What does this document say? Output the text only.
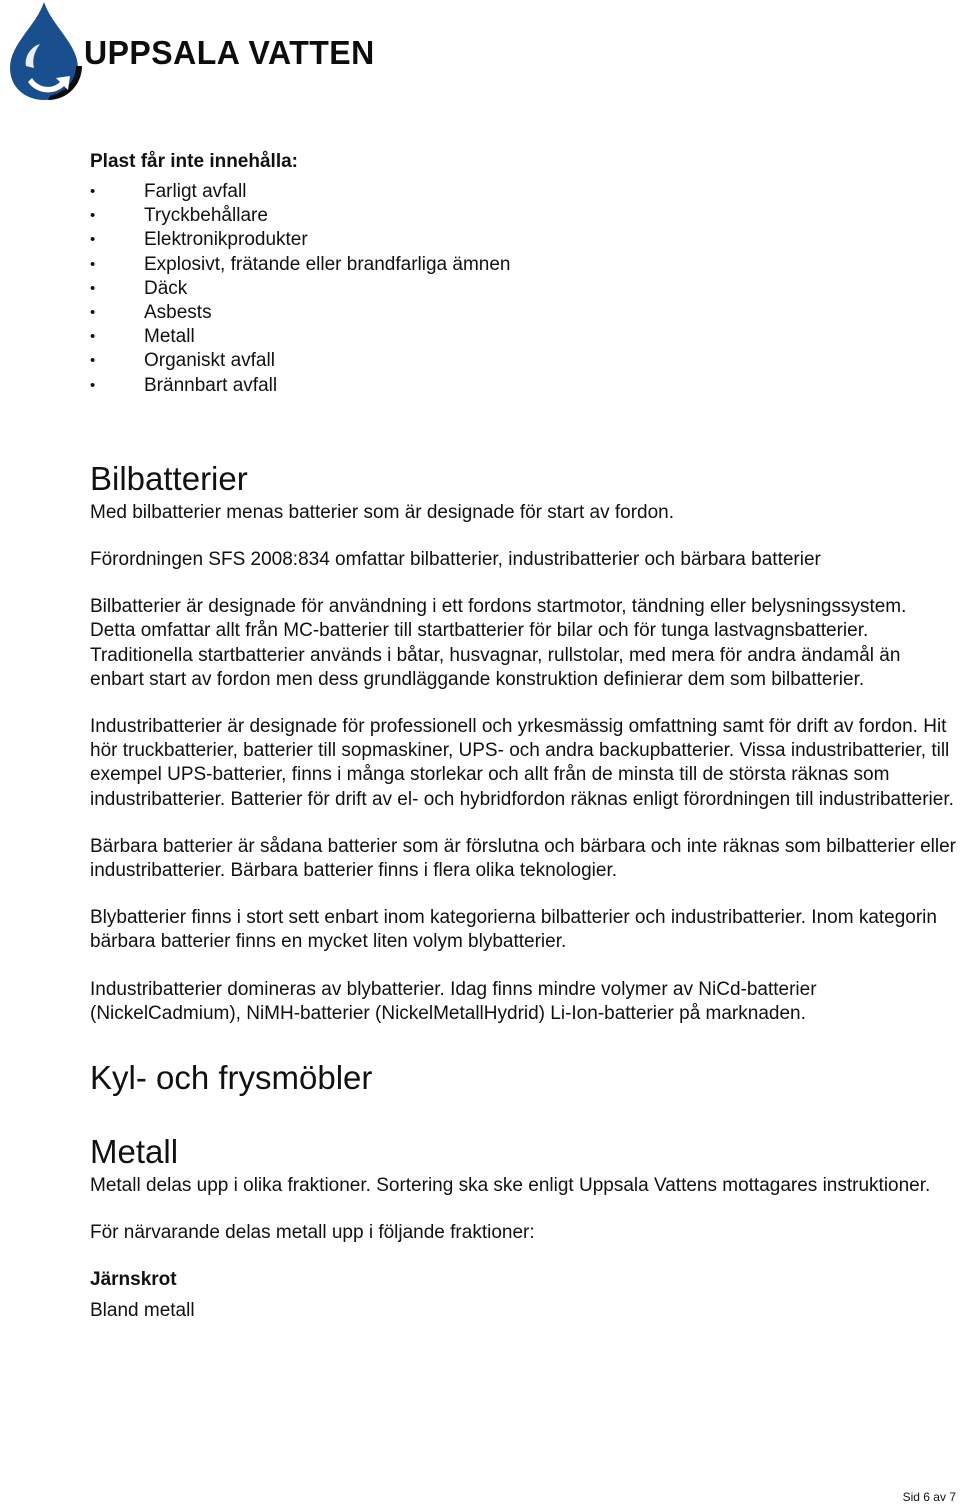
UPPSALA VATTEN
Plast får inte innehålla:
• Farligt avfall
• Tryckbehållare
• Elektronikprodukter
• Explosivt, frätande eller brandfarliga ämnen
• Däck
• Asbests
• Metall
• Organiskt avfall
• Brännbart avfall
Bilbatterier

Med bilbatterier menas batterier som är designade för start av fordon.

Förordningen SFS 2008:834 omfattar bilbatterier, industribatterier och bärbara batterier

Bilbatterier är designade för användning i ett fordons startmotor, tändning eller belysningssystem. Detta omfattar allt från MC-batterier till startbatterier för bilar och för tunga lastvagnsbatterier. Traditionella startbatterier används i båtar, husvagnar, rullstolar, med mera för andra ändamål än enbart start av fordon men dess grundläggande konstruktion definierar dem som bilbatterier.

Industribatterier är designade för professionell och yrkesmässig omfattning samt för drift av fordon. Hit hör truckbatterier, batterier till sopmaskiner, UPS- och andra backupbatterier. Vissa industribatterier, till exempel UPS-batterier, finns i många storlekar och allt från de minsta till de största räknas som industribatterier. Batterier för drift av el- och hybridfordon räknas enligt förordningen till industribatterier.

Bärbara batterier är sådana batterier som är förslutna och bärbara och inte räknas som bilbatterier eller industribatterier. Bärbara batterier finns i flera olika teknologier.

Blybatterier finns i stort sett enbart inom kategorierna bilbatterier och industribatterier. Inom kategorin bärbara batterier finns en mycket liten volym blybatterier.

Industribatterier domineras av blybatterier. Idag finns mindre volymer av NiCd-batterier (NickelCadmium), NiMH-batterier (NickelMetallHydrid) Li-Ion-batterier på marknaden.

Kyl- och frysmöbler
Metall

Metall delas upp i olika fraktioner. Sortering ska ske enligt Uppsala Vattens mottagares instruktioner.

För närvarande delas metall upp i följande fraktioner:

Järnskrot

Bland metall

Sid 6 av 7
